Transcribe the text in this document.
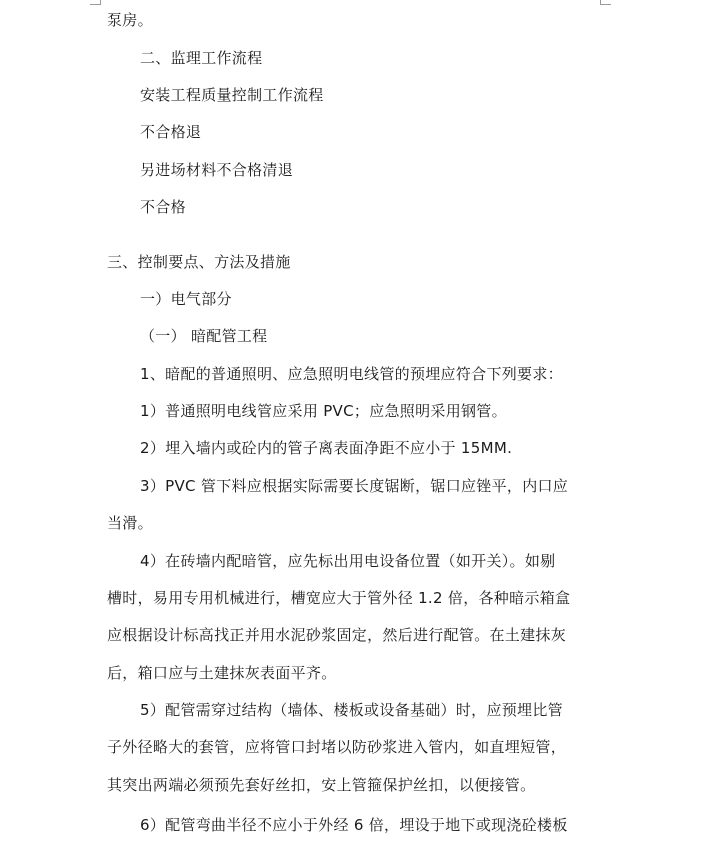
泵房。
二、监理工作流程
安装工程质量控制工作流程
不合格退
另进场材料不合格清退
不合格
三、控制要点、方法及措施
一）电气部分
（一） 暗配管工程
1、暗配的普通照明、应急照明电线管的预埋应符合下列要求：
1）普通照明电线管应采用 PVC；应急照明采用钢管。
2）埋入墙内或砼内的管子离表面净距不应小于 15MM.
3）PVC 管下料应根据实际需要长度锯断，锯口应锉平，内口应
当滑。
4）在砖墙内配暗管，应先标出用电设备位置（如开关）。如剔
槽时，易用专用机械进行，槽宽应大于管外径 1.2 倍，各种暗示箱盒
应根据设计标高找正并用水泥砂浆固定，然后进行配管。在土建抹灰
后，箱口应与土建抹灰表面平齐。
5）配管需穿过结构（墙体、楼板或设备基础）时，应预埋比管
子外径略大的套管，应将管口封堵以防砂浆进入管内，如直埋短管，
其突出两端必须预先套好丝扣，安上管箍保护丝扣，以便接管。
6）配管弯曲半径不应小于外经 6 倍，埋设于地下或现浇砼楼板
